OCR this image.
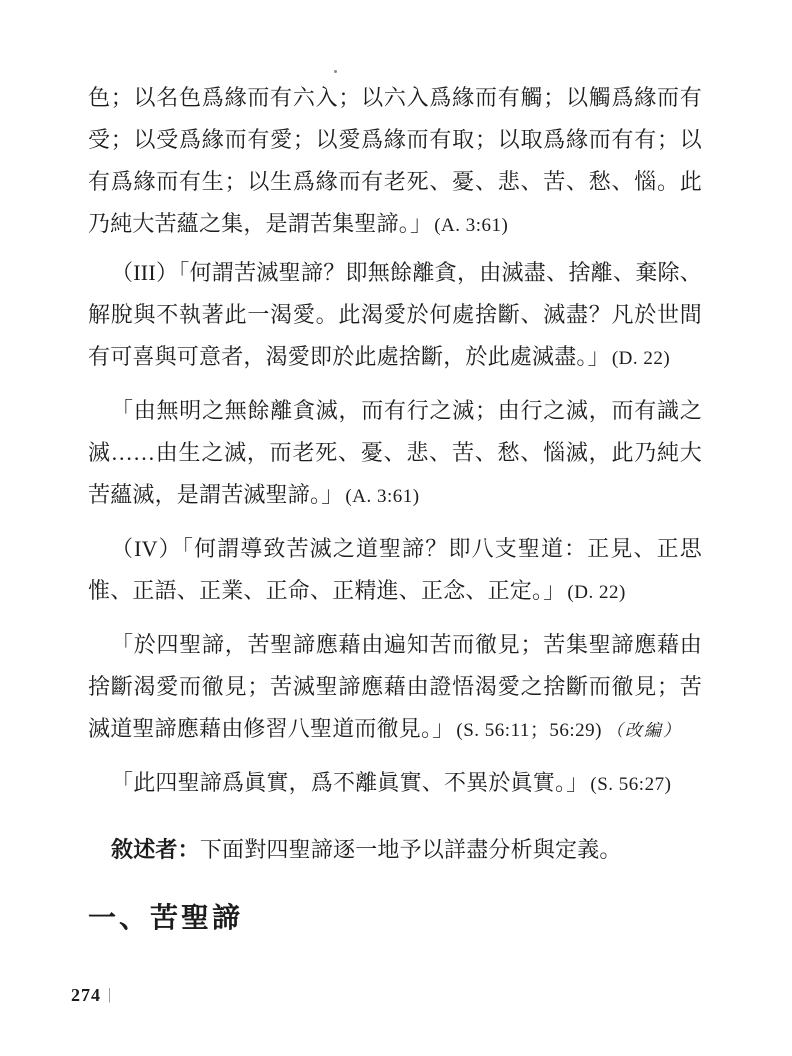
色；以名色爲緣而有六入；以六入爲緣而有觸；以觸爲緣而有受；以受爲緣而有愛；以愛爲緣而有取；以取爲緣而有有；以有爲緣而有生；以生爲緣而有老死、憂、悲、苦、愁、惱。此乃純大苦蘊之集，是謂苦集聖諦。」 (A. 3:61)

（III）「何謂苦滅聖諦？即無餘離貪，由滅盡、捨離、棄除、解脫與不執著此一渴愛。此渴愛於何處捨斷、滅盡？凡於世間有可喜與可意者，渴愛即於此處捨斷，於此處滅盡。」 (D. 22)

「由無明之無餘離貪滅，而有行之滅；由行之滅，而有識之滅……由生之滅，而老死、憂、悲、苦、愁、惱滅，此乃純大苦蘊滅，是謂苦滅聖諦。」 (A. 3:61)

（IV）「何謂導致苦滅之道聖諦？即八支聖道：正見、正思惟、正語、正業、正命、正精進、正念、正定。」 (D. 22)

「於四聖諦，苦聖諦應藉由遍知苦而徹見；苦集聖諦應藉由捨斷渴愛而徹見；苦滅聖諦應藉由證悟渴愛之捨斷而徹見；苦滅道聖諦應藉由修習八聖道而徹見。」 (S. 56:11；56:29) （改編）

「此四聖諦爲眞實，爲不離眞實、不異於眞實。」 (S. 56:27)

敘述者：下面對四聖諦逐一地予以詳盡分析與定義。

一、苦聖諦
274 |
